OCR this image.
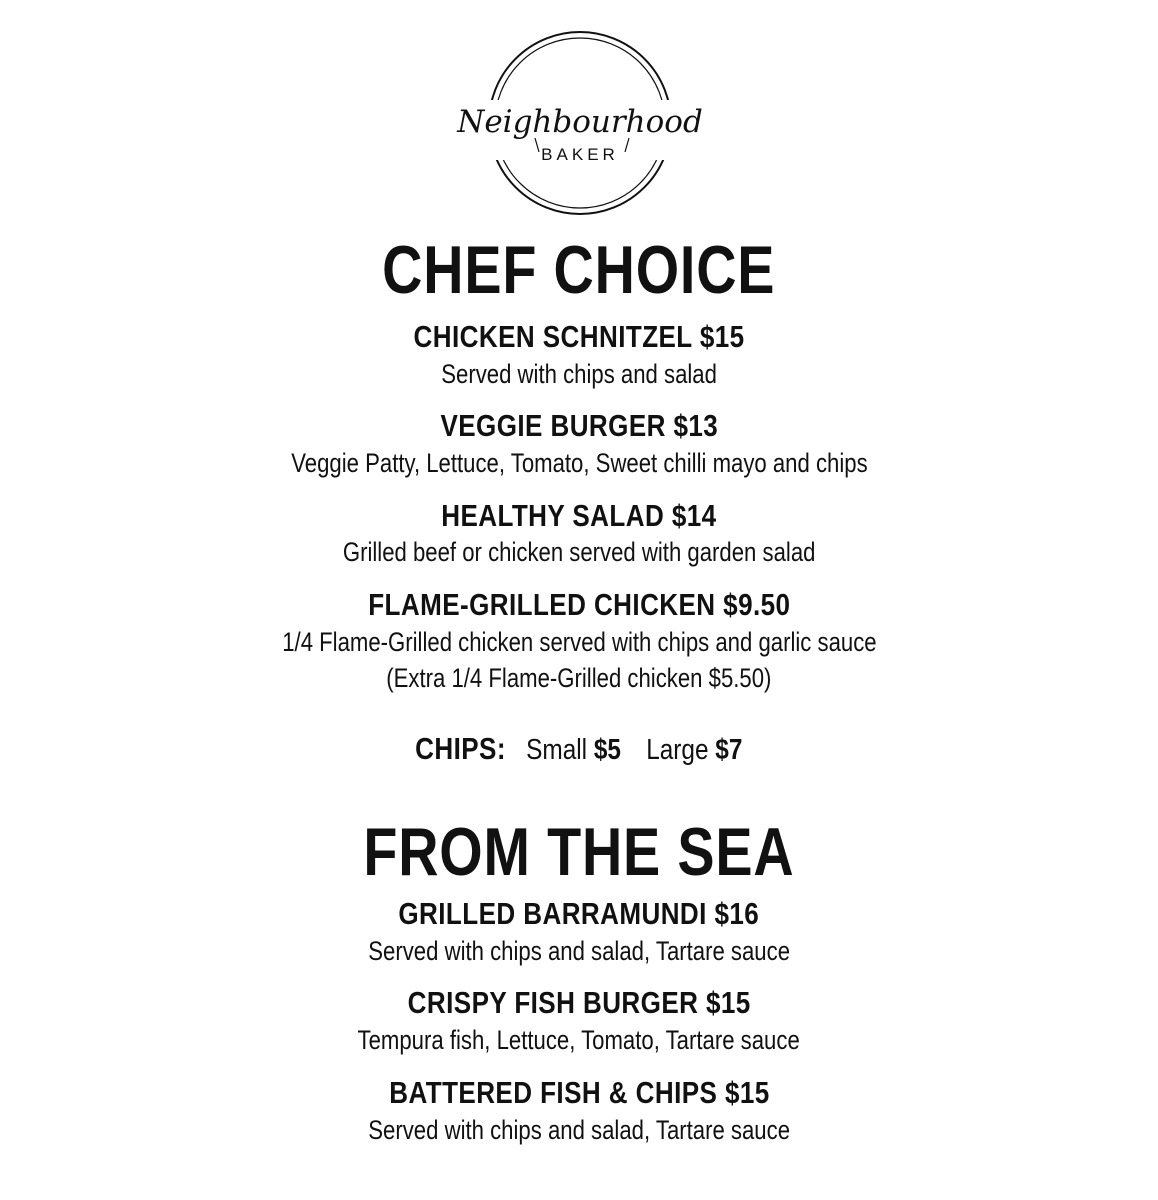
Neighbourhood
BAKER
CHEF CHOICE
CHICKEN SCHNITZEL $15
Served with chips and salad
VEGGIE BURGER $13
Veggie Patty, Lettuce, Tomato, Sweet chilli mayo and chips
HEALTHY SALAD $14
Grilled beef or chicken served with garden salad
FLAME-GRILLED CHICKEN $9.50
1/4 Flame-Grilled chicken served with chips and garlic sauce
(Extra 1/4 Flame-Grilled chicken $5.50)
CHIPS: Small $5 Large $7
FROM THE SEA
GRILLED BARRAMUNDI $16
Served with chips and salad, Tartare sauce
CRISPY FISH BURGER $15
Tempura fish, Lettuce, Tomato, Tartare sauce
BATTERED FISH & CHIPS $15
Served with chips and salad, Tartare sauce
